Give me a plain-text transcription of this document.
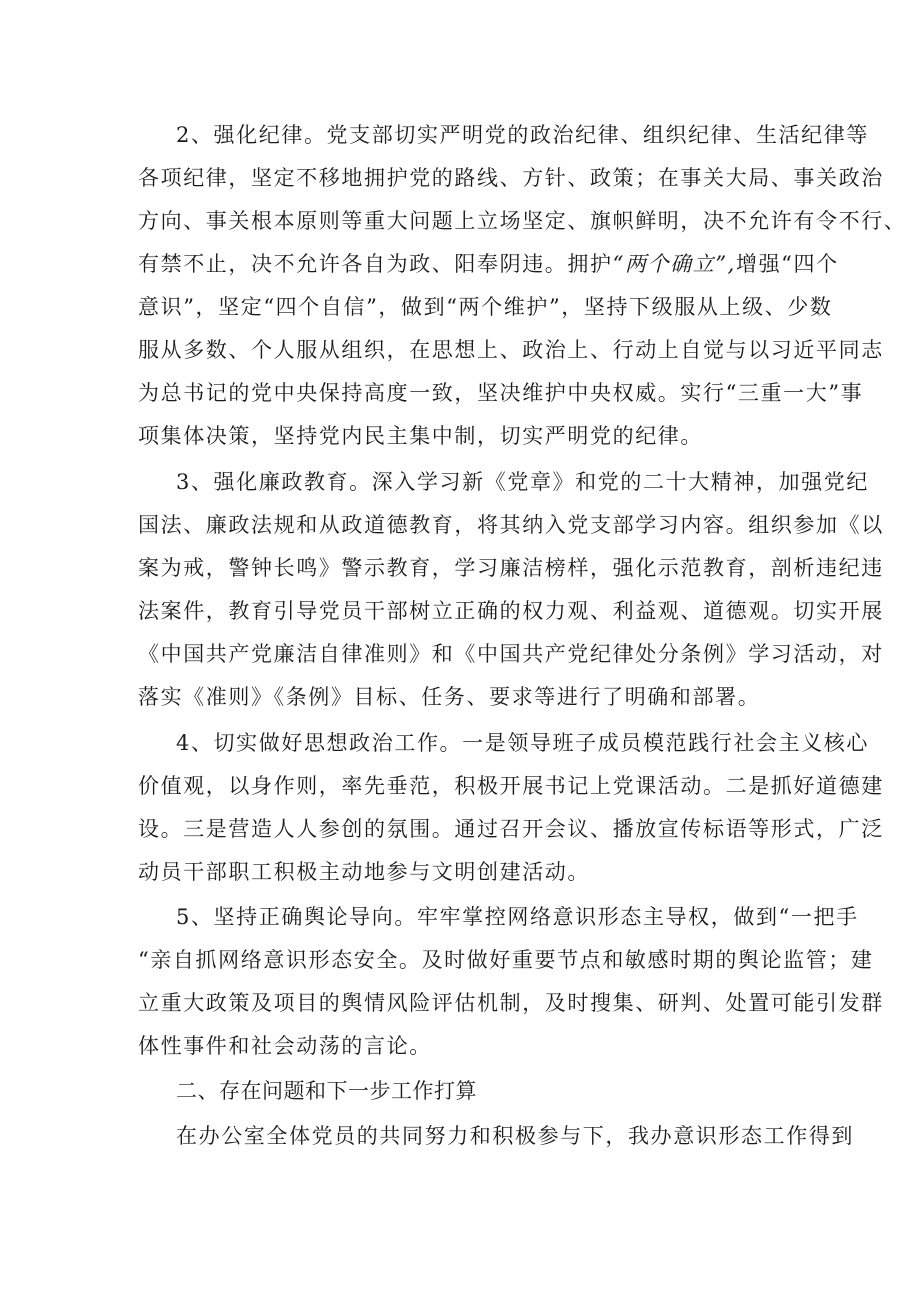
2、强化纪律。党支部切实严明党的政治纪律、组织纪律、生活纪律等
各项纪律，坚定不移地拥护党的路线、方针、政策；在事关大局、事关政治
方向、事关根本原则等重大问题上立场坚定、旗帜鲜明，决不允许有令不行、
有禁不止，决不允许各自为政、阳奉阴违。拥护“两个确立”,增强“四个
意识”，坚定“四个自信”，做到“两个维护”，坚持下级服从上级、少数
服从多数、个人服从组织，在思想上、政治上、行动上自觉与以习近平同志
为总书记的党中央保持高度一致，坚决维护中央权威。实行“三重一大”事
项集体决策，坚持党内民主集中制，切实严明党的纪律。
3、强化廉政教育。深入学习新《党章》和党的二十大精神，加强党纪
国法、廉政法规和从政道德教育，将其纳入党支部学习内容。组织参加《以
案为戒，警钟长鸣》警示教育，学习廉洁榜样，强化示范教育，剖析违纪违
法案件，教育引导党员干部树立正确的权力观、利益观、道德观。切实开展
《中国共产党廉洁自律准则》和《中国共产党纪律处分条例》学习活动，对
落实《准则》《条例》目标、任务、要求等进行了明确和部署。
4、切实做好思想政治工作。一是领导班子成员模范践行社会主义核心
价值观，以身作则，率先垂范，积极开展书记上党课活动。二是抓好道德建
设。三是营造人人参创的氛围。通过召开会议、播放宣传标语等形式，广泛
动员干部职工积极主动地参与文明创建活动。
5、坚持正确舆论导向。牢牢掌控网络意识形态主导权，做到“一把手
“亲自抓网络意识形态安全。及时做好重要节点和敏感时期的舆论监管；建
立重大政策及项目的舆情风险评估机制，及时搜集、研判、处置可能引发群
体性事件和社会动荡的言论。
二、存在问题和下一步工作打算
在办公室全体党员的共同努力和积极参与下，我办意识形态工作得到
